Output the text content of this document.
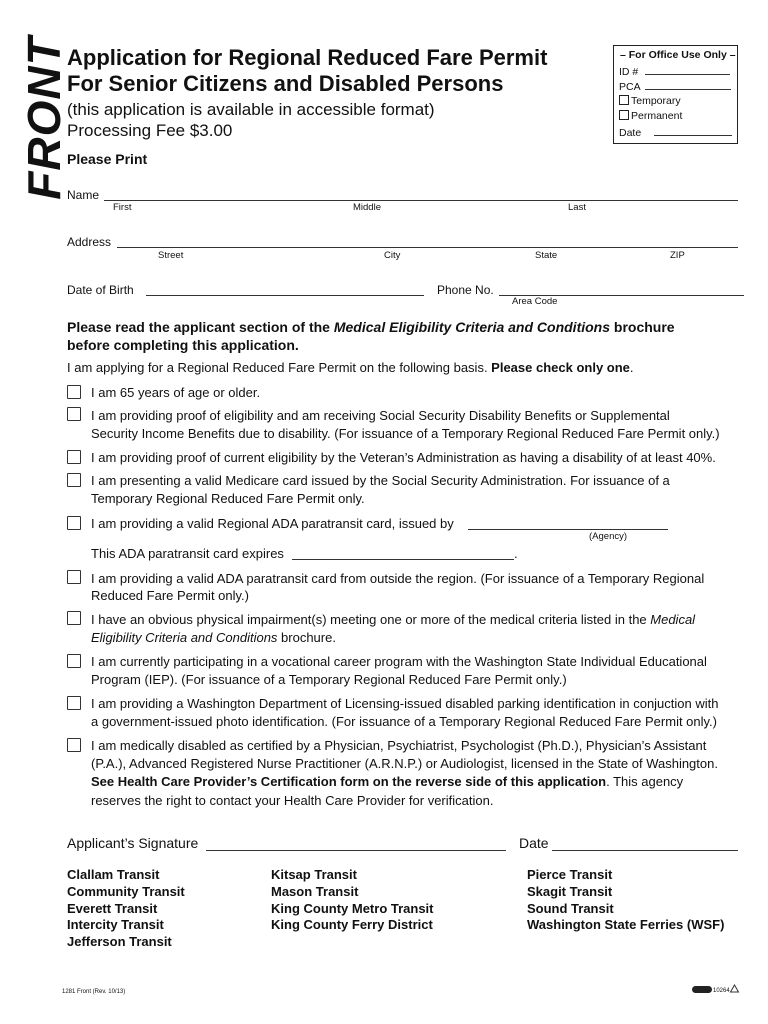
FRONT
Application for Regional Reduced Fare Permit
For Senior Citizens and Disabled Persons
(this application is available in accessible format)
Processing Fee $3.00
Please Print
– For Office Use Only –
ID #
PCA
Temporary
Permanent
Date
Name
First	Middle	Last
Address
Street	City	State	ZIP
Date of Birth	Phone No.
Area Code
Please read the applicant section of the Medical Eligibility Criteria and Conditions brochure
before completing this application.
I am applying for a Regional Reduced Fare Permit on the following basis. Please check only one.
I am 65 years of age or older.
I am providing proof of eligibility and am receiving Social Security Disability Benefits or Supplemental
Security Income Benefits due to disability. (For issuance of a Temporary Regional Reduced Fare Permit only.)
I am providing proof of current eligibility by the Veteran’s Administration as having a disability of at least 40%.
I am presenting a valid Medicare card issued by the Social Security Administration. For issuance of a
Temporary Regional Reduced Fare Permit only.
I am providing a valid Regional ADA paratransit card, issued by
(Agency)
This ADA paratransit card expires	.
I am providing a valid ADA paratransit card from outside the region. (For issuance of a Temporary Regional
Reduced Fare Permit only.)
I have an obvious physical impairment(s) meeting one or more of the medical criteria listed in the Medical
Eligibility Criteria and Conditions brochure.
I am currently participating in a vocational career program with the Washington State Individual Educational
Program (IEP). (For issuance of a Temporary Regional Reduced Fare Permit only.)
I am providing a Washington Department of Licensing-issued disabled parking identification in conjuction with
a government-issued photo identification. (For issuance of a Temporary Regional Reduced Fare Permit only.)
I am medically disabled as certified by a Physician, Psychiatrist, Psychologist (Ph.D.), Physician’s Assistant
(P.A.), Advanced Registered Nurse Practitioner (A.R.N.P.) or Audiologist, licensed in the State of Washington.
See Health Care Provider’s Certification form on the reverse side of this application. This agency
reserves the right to contact your Health Care Provider for verification.
Applicant’s Signature	Date
Clallam Transit
Community Transit
Everett Transit
Intercity Transit
Jefferson Transit
Kitsap Transit
Mason Transit
King County Metro Transit
King County Ferry District
Pierce Transit
Skagit Transit
Sound Transit
Washington State Ferries (WSF)
1281 Front (Rev. 10/13)	10264
